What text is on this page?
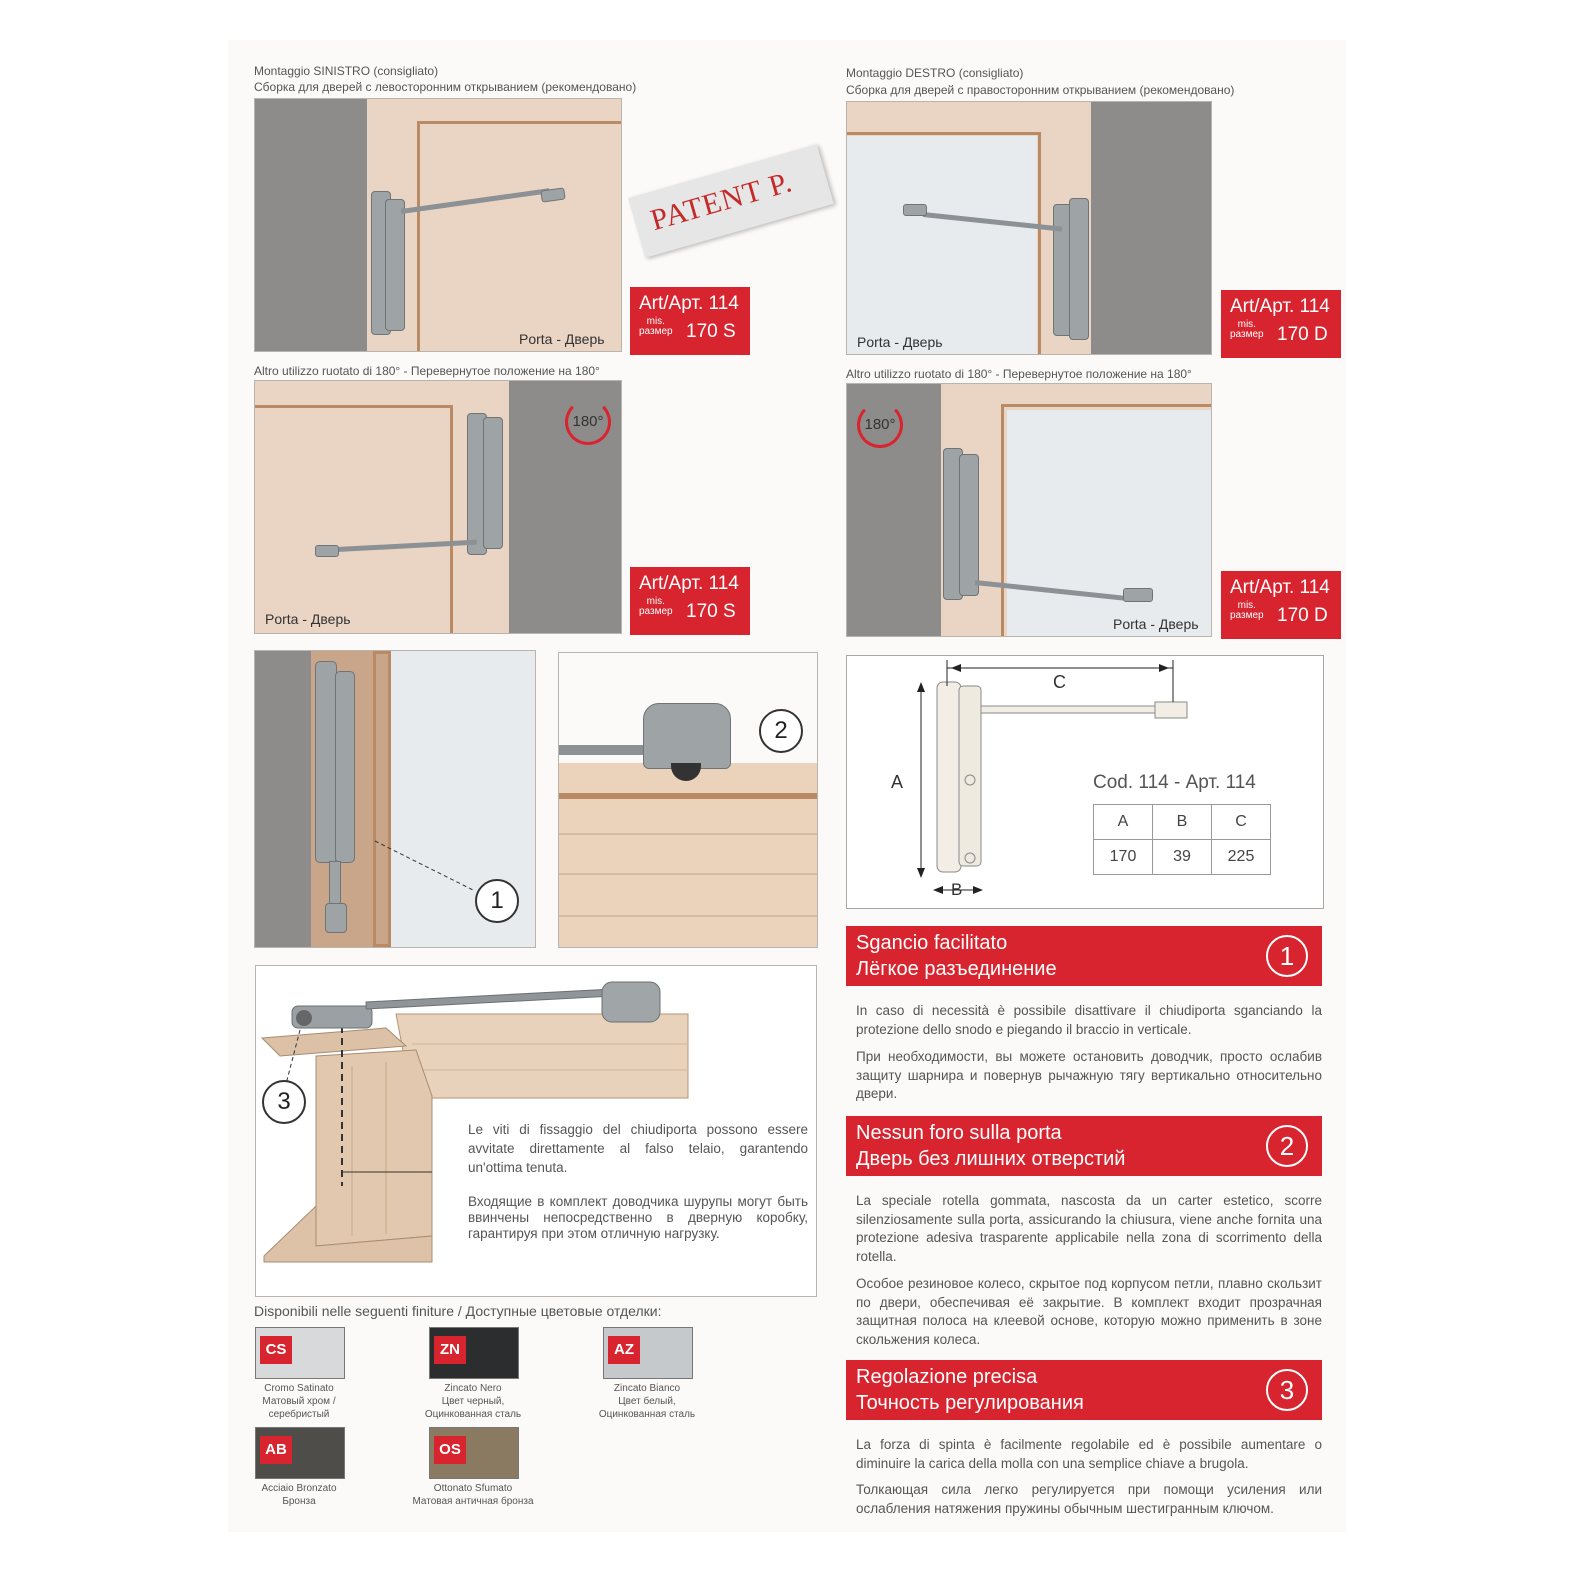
Montaggio SINISTRO (consigliato)
Сборка для дверей с левосторонним открыванием (рекомендовано)
Porta - Дверь
Art/Арт. 114
mis.
размер 170 S
PATENT P.
Montaggio DESTRO (consigliato)
Сборка для дверей с правосторонним открыванием (рекомендовано)
Porta - Дверь
Art/Арт. 114
mis.
размер 170 D
Altro utilizzo ruotato di 180° - Перевернутое положение на 180°
180°
Porta - Дверь
Art/Арт. 114
mis.
размер 170 S
Altro utilizzo ruotato di 180° - Перевернутое положение на 180°
180°
Porta - Дверь
Art/Арт. 114
mis.
размер 170 D
1
2
A
B
C
Cod. 114 - Арт. 114
A	B	C
170	39	225
Sgancio facilitato
Лёгкое разъединение	1
In caso di necessità è possibile disattivare il chiudiporta sganciando la protezione dello snodo e piegando il braccio in verticale.
При необходимости, вы можете остановить доводчик, просто ослабив защиту шарнира и повернув рычажную тягу вертикально относительно двери.
Nessun foro sulla porta
Дверь без лишних отверстий	2
La speciale rotella gommata, nascosta da un carter estetico, scorre silenziosamente sulla porta, assicurando la chiusura, viene anche fornita una protezione adesiva trasparente applicabile nella zona di scorrimento della rotella.
Особое резиновое колесо, скрытое под корпусом петли, плавно скользит по двери, обеспечивая её закрытие. В комплект входит прозрачная защитная полоса на клеевой основе, которую можно применить в зоне скольжения колеса.
Regolazione precisa
Точность регулирования	3
La forza di spinta è facilmente regolabile ed è possibile aumentare o diminuire la carica della molla con una semplice chiave a brugola.
Толкающая сила легко регулируется при помощи усиления или ослабления натяжения пружины обычным шестигранным ключом.
3
Le viti di fissaggio del chiudiporta possono essere avvitate direttamente al falso telaio, garantendo un'ottima tenuta.
Входящие в комплект доводчика шурупы могут быть ввинчены непосредственно в дверную коробку, гарантируя при этом отличную нагрузку.
Disponibili nelle seguenti finiture / Доступные цветовые отделки:
CS
Cromo Satinato
Матовый хром /
серебристый
ZN
Zincato Nero
Цвет черный,
Оцинкованная сталь
AZ
Zincato Bianco
Цвет белый,
Оцинкованная сталь
AB
Acciaio Bronzato
Бронза
OS
Ottonato Sfumato
Матовая античная бронза
